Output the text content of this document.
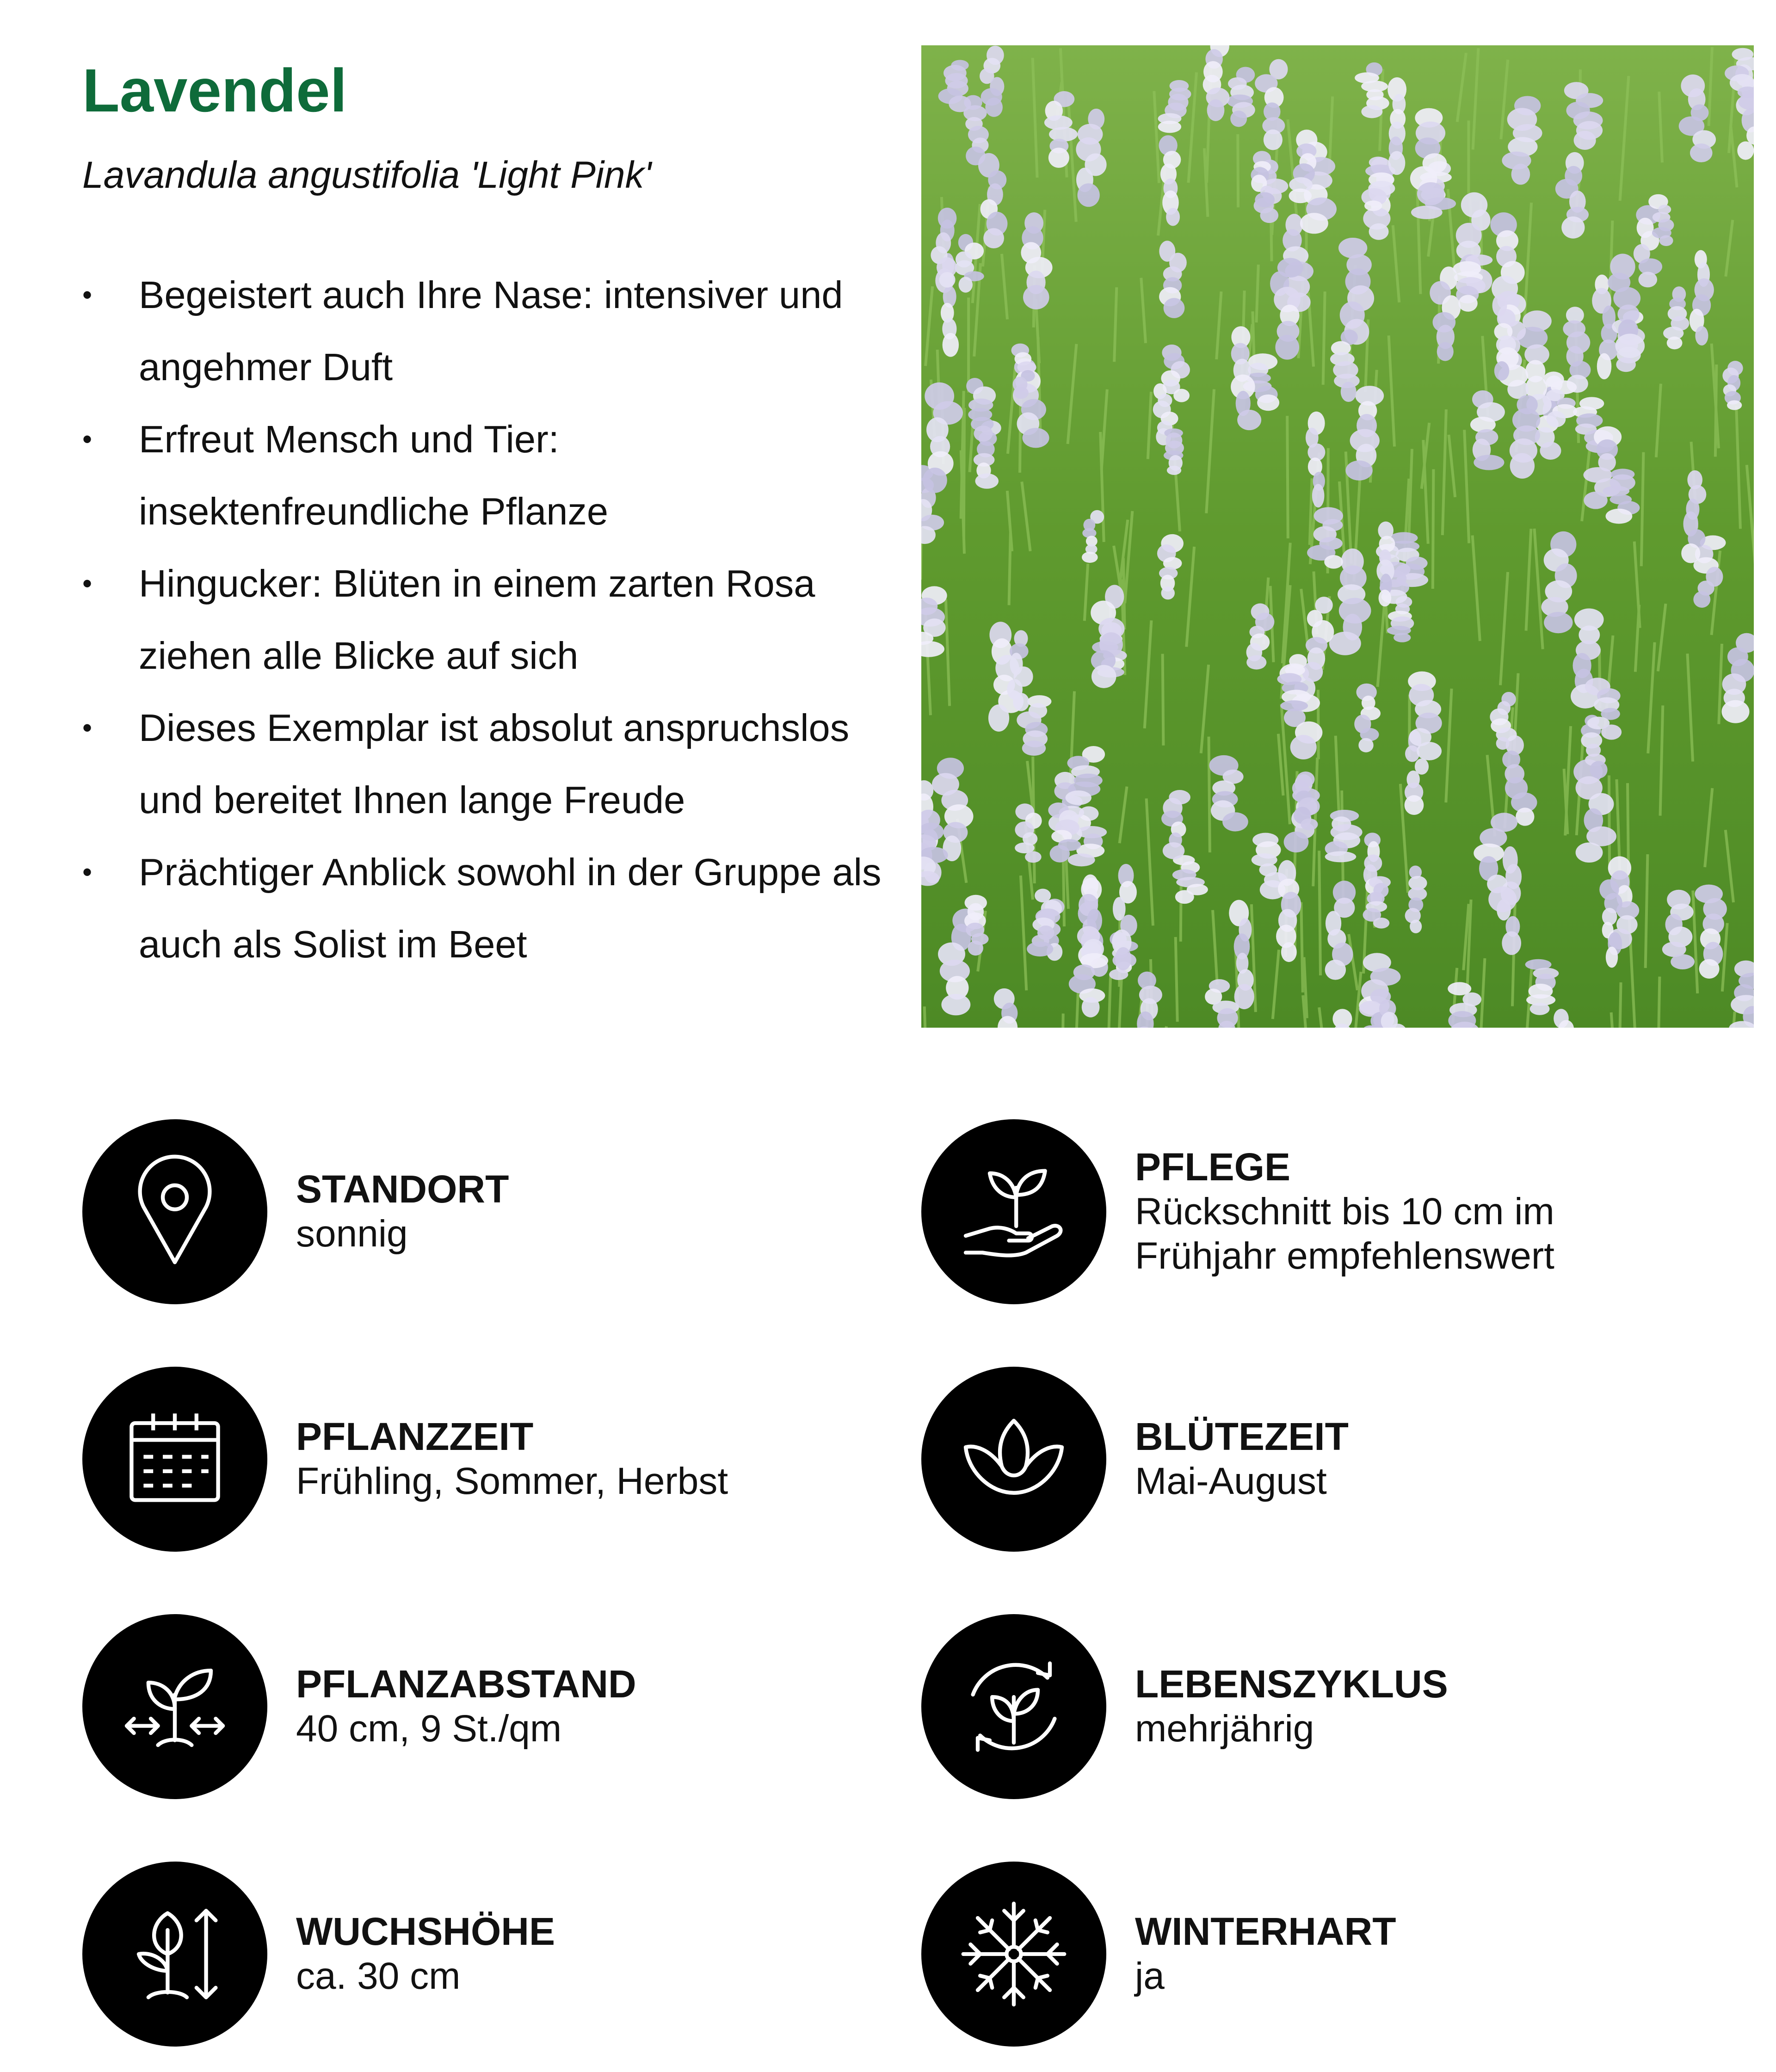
Lavendel

Lavandula angustifolia 'Light Pink'

• Begeistert auch Ihre Nase: intensiver und angehmer Duft
• Erfreut Mensch und Tier: insektenfreundliche Pflanze
• Hingucker: Blüten in einem zarten Rosa ziehen alle Blicke auf sich
• Dieses Exemplar ist absolut anspruchslos und bereitet Ihnen lange Freude
• Prächtiger Anblick sowohl in der Gruppe als auch als Solist im Beet
STANDORT
sonnig
PFLANZZEIT
Frühling, Sommer, Herbst
PFLANZABSTAND
40 cm, 9 St./qm
WUCHSHÖHE
ca. 30 cm
PFLEGE
Rückschnitt bis 10 cm im
Frühjahr empfehlenswert
BLÜTEZEIT
Mai-August
LEBENSZYKLUS
mehrjährig
WINTERHART
ja
